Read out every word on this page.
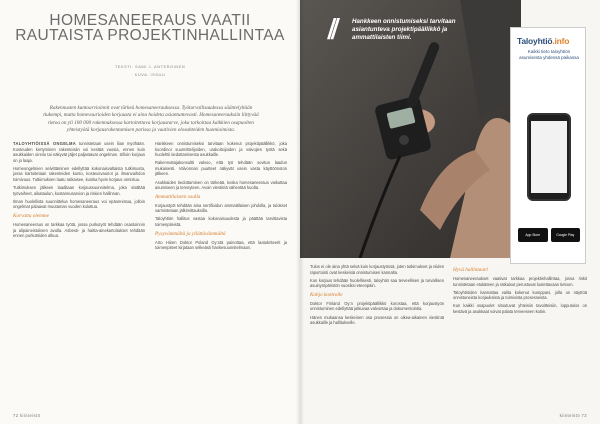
HOMESANEERAUS VAATII RAUTAISTA PROJEKTINHALLINTAA
TEKSTI: SAMI J. ANTEROINEN
KUVA: ISSUU

Rakennusten kuntoarvioinnit ovat tärkeä homesaneerauksessa. Työturvallisuudessa sääntelyltään tiukempi, mutta homevaurioiden korjausta ei aina hoideta asiantuntevasti. Homesaneerauksiin liittyvää tietoa on yli 100 000 rakennuksessa kartoitettava korjaustarve, joka tarkoittaa kaikkien osapuolten yhteistyötä korjausrakentamisen parissa ja vaativien olosuhteiden huomioimista.

TALOYHTIÖISSÄ ONGELMA tunnistetaan usein liian myöhään. Kosteuden kertyminen rakenteisiin voi kestää vuosia, ennen kuin asukkaiden oireilu tai näkyvät jäljet paljastavat ongelman. Silloin korjaus on jo laaja.

Homeongelmien selvittäminen edellyttää kokonaisvaltaista tutkimusta, jossa kartoitetaan rakenteiden kunto, kosteusvauriot ja ilmanvaihdon toimivuus. Tutkimuksen laatu ratkaisee, kuinka hyvin korjaus onnistuu.

Tutkimuksen jälkeen laaditaan korjaussuunnitelma, joka sisältää työvaiheet, aikataulun, kustannusarvion ja riskien hallinnan.

Ilman huolellista suunnittelua homesaneeraus voi epäonnistua, jolloin ongelmat palaavat muutaman vuoden kuluttua.

Korvattu olemme

Homesaneeraus on tarkkaa työtä, jossa purkutyöt tehdään osastoinnin ja alipaineistuksen avulla. Asbesti- ja haitta-ainekartoitukset tehdään ennen purkutöiden alkua.

Hankkeen onnistumiseksi tarvitaan kokenut projektipäällikkö, joka koordinoi suunnittelijoiden, urakoitsijoiden ja valvojien työtä sekä huolehtii tiedottamisesta asukkaille.

Rakennuttajakonsultti valvoo, että työ tehdään sovitun laadun mukaisesti. Valvonnan puutteet näkyvät usein vasta käyttöönoton jälkeen.

Asukkaiden tiedottaminen on tärkeää, koska homesaneeraus vaikuttaa asumiseen ja terveyteen. Avoin viestintä vähentää huolta.

Ammattilaisten osalla

Korjaustyöt tehdään aina sertifioidun ammattilaisen johdolla, ja tulokset varmistetaan jälkimittauksilla.

Taloyhtiön hallitus vastaa kokonaisuudesta ja päättää tarvittavista toimenpiteistä.

Pysyvämmältä ja yllättävämmältä

Arto Hiiren Doktor Poland Oy:stä painottaa, että laatukriteerit ja toimenpiteet kirjataan selkeästi hankesuunnitelmaan.

72 kiinteistö
//	Hankkeen onnistumiseksi tarvitaan asiantunteva projektipäällikkö ja ammattilaisten tiimi.

kiinteistö 73
Taloyhtiö.info
Kaikki tieto taloyhtiön asumisesta yhdessä paikassa
App Store	Google Play

Tulos ei ole aina yhtä selvä kuin korjaustyössä, joten tutkimukset ja niiden raportointi ovat keskeisiä onnistumisen kannalta.

Kun korjaus tehdään huolellisesti, taloyhtiö saa terveellisen ja turvallisen asuinympäristön vuosiksi eteenpäin.

Kohjo kontrolle

Doktor Finland Oy:n projektipäällikkö korostaa, että korjaustyön onnistuminen edellyttää jatkuvaa valvontaa ja dokumentointia.

Hänen mukaansa keskeinen osa prosessia on oikea-aikainen viestintä asukkaille ja hallitukselle.

Hyvä hallintaan!

Homesaneeraukset vaativat tarkkaa projektinhallintaa, jossa riskit tunnistetaan etukäteen ja ratkaisut perustuvat luotettavaan tietoon.

Taloyhtiöiden kannattaa valita kokenut kumppani, jolla on näyttöä onnistuneista korjauksista ja toimivista prosesseista.

Kun kaikki osapuolet sitoutuvat yhteisiin tavoitteisiin, lopputulos on kestävä ja asukkaat voivat palata terveeseen kotiin.
